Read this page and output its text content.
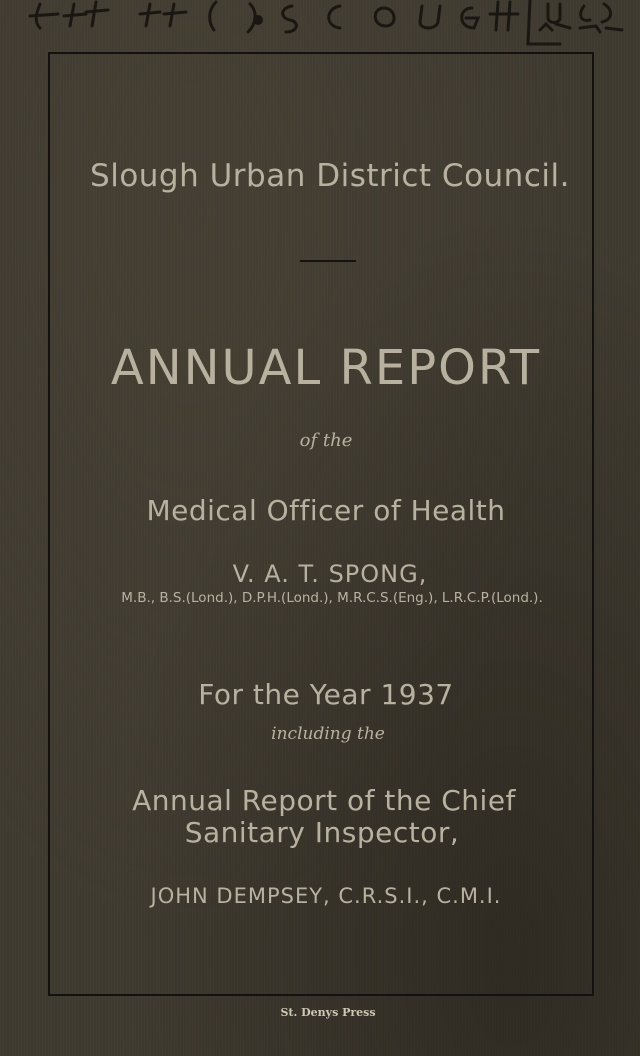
Slough Urban District Council.
ANNUAL REPORT
of the
Medical Officer of Health
V. A. T. SPONG,
M.B., B.S.(Lond.), D.P.H.(Lond.), M.R.C.S.(Eng.), L.R.C.P.(Lond.).
For the Year 1937
including the
Annual Report of the Chief
Sanitary Inspector,
JOHN DEMPSEY, C.R.S.I., C.M.I.
St. Denys Press
